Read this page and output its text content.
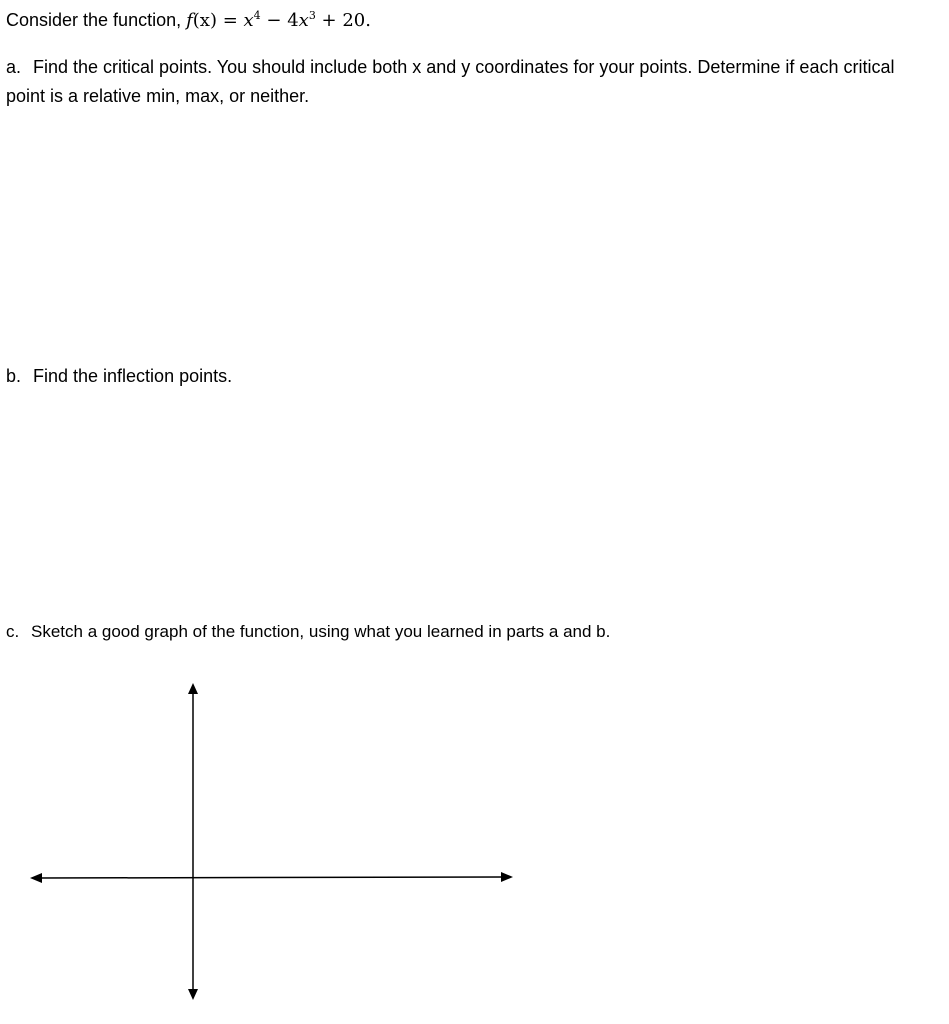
Consider the function, $f(x) = x^4 - 4x^3 + 20$.
a. Find the critical points. You should include both x and y coordinates for your points. Determine if each critical point is a relative min, max, or neither.
b. Find the inflection points.
c. Sketch a good graph of the function, using what you learned in parts a and b.
